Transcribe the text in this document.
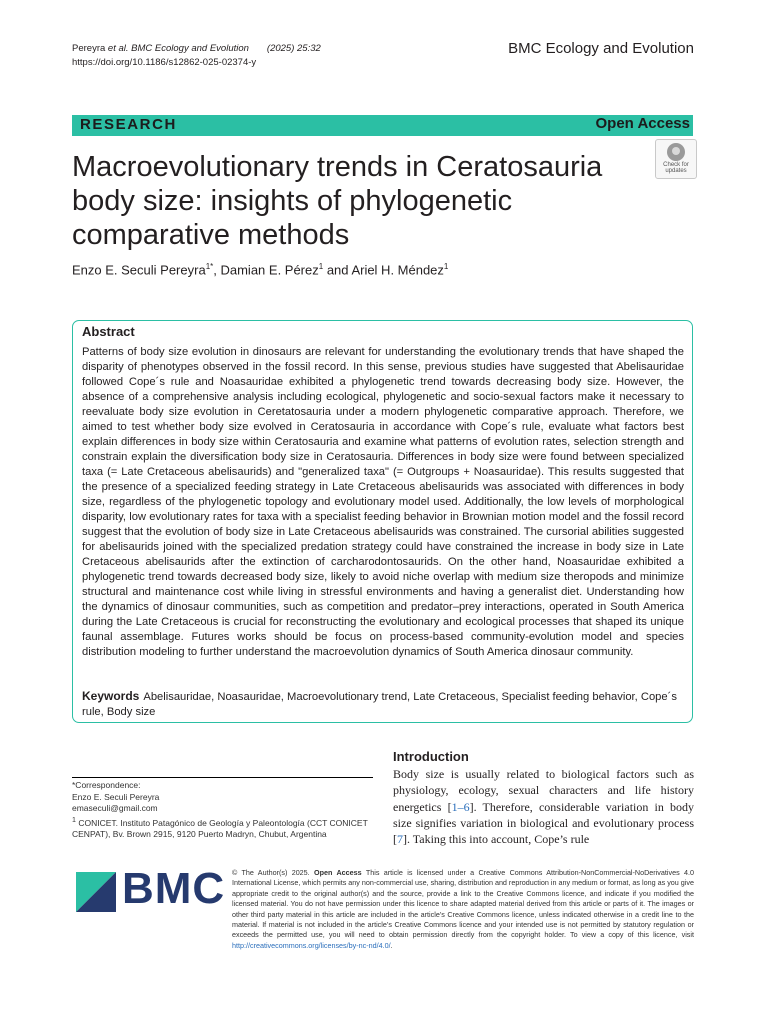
Pereyra et al. BMC Ecology and Evolution (2025) 25:32
https://doi.org/10.1186/s12862-025-02374-y
BMC Ecology and Evolution
RESEARCH	Open Access
Macroevolutionary trends in Ceratosauria body size: insights of phylogenetic comparative methods
Check for
updates
Enzo E. Seculi Pereyra$^{1*}$, Damian E. Pérez$^1$ and Ariel H. Méndez$^1$
Abstract
Patterns of body size evolution in dinosaurs are relevant for understanding the evolutionary trends that have shaped the disparity of phenotypes observed in the fossil record. In this sense, previous studies have suggested that Abelisauridae followed Cope´s rule and Noasauridae exhibited a phylogenetic trend towards decreasing body size. However, the absence of a comprehensive analysis including ecological, phylogenetic and socio-sexual factors make it necessary to reevaluate body size evolution in Ceretatosauria under a modern phylogenetic comparative approach. Therefore, we aimed to test whether body size evolved in Ceratosauria in accordance with Cope´s rule, evaluate what factors best explain differences in body size within Ceratosauria and examine what patterns of evolution rates, selection strength and constrain explain the diversification body size in Ceratosauria. Differences in body size were found between specialized taxa (= Late Cretaceous abelisaurids) and "generalized taxa" (= Outgroups + Noasauridae). This results suggested that the presence of a specialized feeding strategy in Late Cretaceous abelisaurids was associated with differences in body size, regardless of the phylogenetic topology and evolutionary model used. Additionally, the low levels of morphological disparity, low evolutionary rates for taxa with a specialist feeding behavior in Brownian motion model and the fossil record suggest that the evolution of body size in Late Cretaceous abelisaurids was constrained. The cursorial abilities suggested for abelisaurids joined with the specialized predation strategy could have constrained the increase in body size in Late Cretaceous abelisaurids after the extinction of carcharodontosaurids. On the other hand, Noasauridae exhibited a phylogenetic trend towards decreased body size, likely to avoid niche overlap with medium size theropods and minimize structural and maintenance cost while living in stressful environments and having a generalist diet. Understanding how the dynamics of dinosaur communities, such as competition and predator–prey interactions, operated in South America during the Late Cretaceous is crucial for reconstructing the evolutionary and ecological processes that shaped its unique faunal assemblage. Futures works should be focus on process-based community-evolution model and species distribution modeling to further understand the macroevolution dynamics of South America dinosaur community.
Keywords Abelisauridae, Noasauridae, Macroevolutionary trend, Late Cretaceous, Specialist feeding behavior, Cope´s rule, Body size
*Correspondence:
Enzo E. Seculi Pereyra
emaseculi@gmail.com
$^1$ CONICET. Instituto Patagónico de Geología y Paleontología (CCT CONICET CENPAT), Bv. Brown 2915, 9120 Puerto Madryn, Chubut, Argentina
Introduction
Body size is usually related to biological factors such as physiology, ecology, sexual characters and life history energetics [1–6]. Therefore, considerable variation in body size signifies variation in biological and evolutionary process [7]. Taking this into account, Cope’s rule
BMC © The Author(s) 2025. Open Access This article is licensed under a Creative Commons Attribution-NonCommercial-NoDerivatives 4.0 International License, which permits any non-commercial use, sharing, distribution and reproduction in any medium or format, as long as you give appropriate credit to the original author(s) and the source, provide a link to the Creative Commons licence, and indicate if you modified the licensed material. You do not have permission under this licence to share adapted material derived from this article or parts of it. The images or other third party material in this article are included in the article’s Creative Commons licence, unless indicated otherwise in a credit line to the material. If material is not included in the article’s Creative Commons licence and your intended use is not permitted by statutory regulation or exceeds the permitted use, you will need to obtain permission directly from the copyright holder. To view a copy of this licence, visit http://creativecommons.org/licenses/by-nc-nd/4.0/.
